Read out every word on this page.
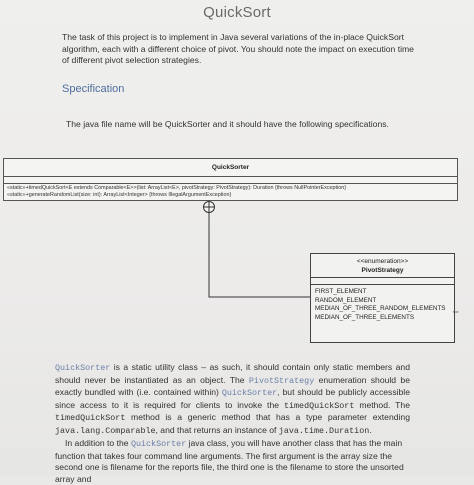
QuickSort
The task of this project is to implement in Java several variations of the in-place QuickSort algorithm, each with a different choice of pivot. You should note the impact on execution time of different pivot selection strategies.
Specification
The java file name will be QuickSorter and it should have the following specifications.
QuickSorter
«static»+timedQuickSort<E extends Comparable<E>>(list: ArrayList<E>, pivotStrategy: PivotStrategy): Duration {throws NullPointerException}
«static»+generateRandomList(size: int): ArrayList<Integer> {throws IllegalArgumentException}
<<enumeration>>
PivotStrategy
FIRST_ELEMENT
RANDOM_ELEMENT
MEDIAN_OF_THREE_RANDOM_ELEMENTS
MEDIAN_OF_THREE_ELEMENTS
⇔
QuickSorter is a static utility class – as such, it should contain only static members and should never be instantiated as an object. The PivotStrategy enumeration should be exactly bundled with (i.e. contained within) QuickSorter, but should be publicly accessible since access to it is required for clients to invoke the timedQuickSort method. The timedQuickSort method is a generic method that has a type parameter extending java.lang.Comparable, and that returns an instance of java.time.Duration.
In addition to the QuickSorter java class, you will have another class that has the main function that takes four command line arguments. The first argument is the array size the second one is filename for the reports file, the third one is the filename to store the unsorted array and
